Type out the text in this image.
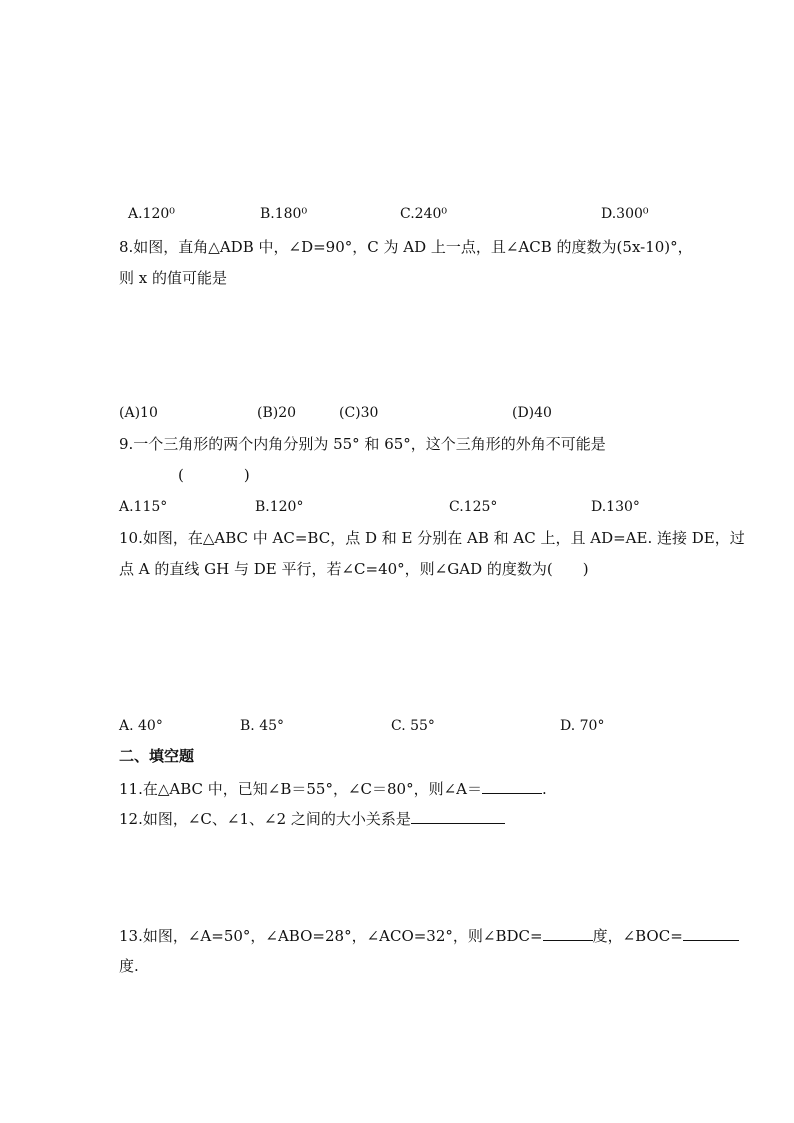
60°
1
2
A.120⁰	B.180⁰	C.240⁰	D.300⁰
8.如图，直角△ADB 中，∠D=90°，C 为 AD 上一点，且∠ACB 的度数为(5x-10)°，
则 x 的值可能是
B
D	C	A
(A)10	(B)20	(C)30	(D)40
9.一个三角形的两个内角分别为 55° 和 65°，这个三角形的外角不可能是
(　　　　)
A.115°	B.120°	C.125°	D.130°
10.如图，在△ABC 中 AC=BC，点 D 和 E 分别在 AB 和 AC 上，且 AD=AE. 连接 DE，过
点 A 的直线 GH 与 DE 平行，若∠C=40°，则∠GAD 的度数为(　　)
G
A H
E
D
B	C
A. 40°	B. 45°	C. 55°	D. 70°
二、填空题
11.在△ABC 中，已知∠B＝55°，∠C＝80°，则∠A＝	.
12.如图，∠C、∠1、∠2 之间的大小关系是
A
1
E
2
B	D	C
13.如图，∠A=50°，∠ABO=28°，∠ACO=32°，则∠BDC=	度，∠BOC=
度.
